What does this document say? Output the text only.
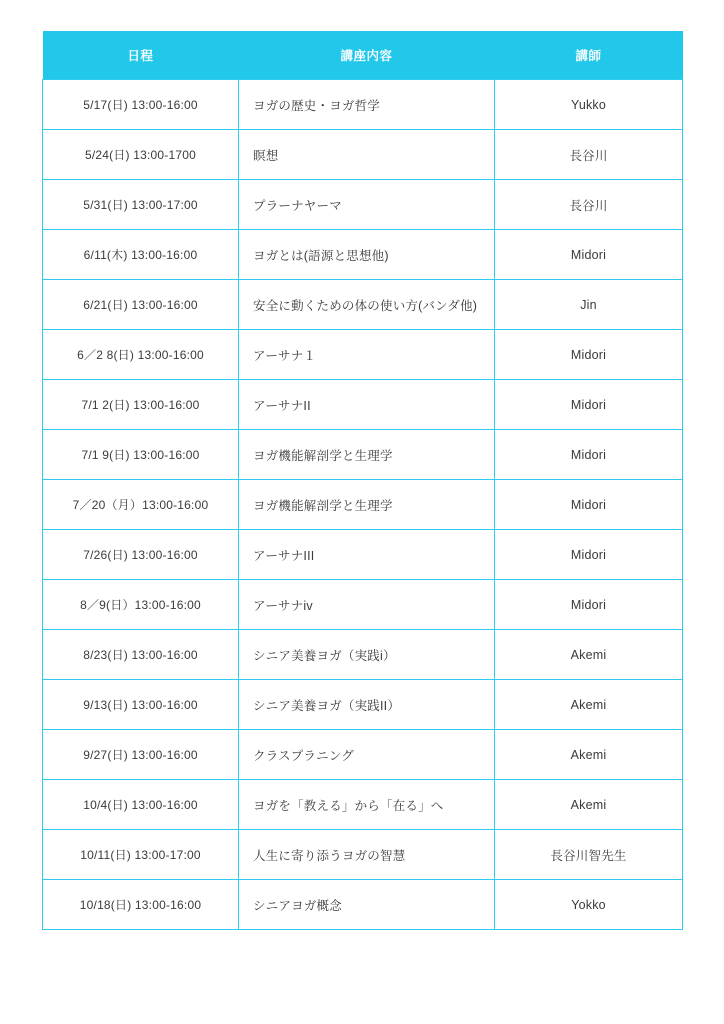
日程	講座内容	講師
5/17(日) 13:00-16:00	ヨガの歴史・ヨガ哲学	Yukko
5/24(日) 13:00-1700	瞑想	長谷川
5/31(日) 13:00-17:00	プラーナヤーマ	長谷川
6/11(木) 13:00-16:00	ヨガとは(語源と思想他)	Midori
6/21(日) 13:00-16:00	安全に動くための体の使い方(バンダ他)	Jin
6／2 8(日) 13:00-16:00	アーサナ１	Midori
7/1 2(日) 13:00-16:00	アーサナII	Midori
7/1 9(日) 13:00-16:00	ヨガ機能解剖学と生理学	Midori
7／20（月）13:00-16:00	ヨガ機能解剖学と生理学	Midori
7/26(日) 13:00-16:00	アーサナIII	Midori
8／9(日）13:00-16:00	アーサナiv	Midori
8/23(日) 13:00-16:00	シニア美養ヨガ（実践i）	Akemi
9/13(日) 13:00-16:00	シニア美養ヨガ（実践II）	Akemi
9/27(日) 13:00-16:00	クラスプラニング	Akemi
10/4(日) 13:00-16:00	ヨガを「教える」から「在る」へ	Akemi
10/11(日) 13:00-17:00	人生に寄り添うヨガの智慧	長谷川智先生
10/18(日) 13:00-16:00	シニアヨガ概念	Yokko
